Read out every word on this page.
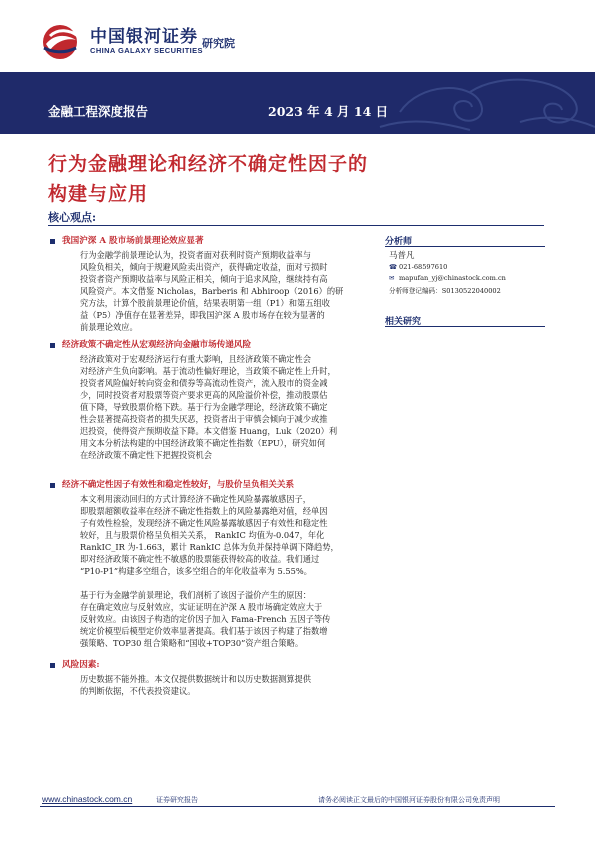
中国银河证券
CHINA GALAXY SECURITIES
研究院
金融工程深度报告	2023 年 4 月 14 日
行为金融理论和经济不确定性因子的
构建与应用
核心观点:
我国沪深 A 股市场前景理论效应显著
行为金融学前景理论认为，投资者面对获利时资产预期收益率与
风险负相关，倾向于规避风险卖出资产，获得确定收益，面对亏损时
投资者资产预期收益率与风险正相关，倾向于追求风险，继续持有高
风险资产。本文借鉴 Nicholas，Barberis 和 Abhiroop（2016）的研
究方法，计算个股前景理论价值，结果表明第一组（P1）和第五组收
益（P5）净值存在显著差异，即我国沪深 A 股市场存在较为显著的
前景理论效应。
经济政策不确定性从宏观经济向金融市场传递风险
经济政策对于宏观经济运行有重大影响，且经济政策不确定性会
对经济产生负向影响。基于流动性偏好理论，当政策不确定性上升时，
投资者风险偏好转向资金和债券等高流动性资产，流入股市的资金减
少，同时投资者对股票等资产要求更高的风险溢价补偿，推动股票估
值下降，导致股票价格下跌。基于行为金融学理论，经济政策不确定
性会显著提高投资者的损失厌恶，投资者出于审慎会倾向于减少或推
迟投资，使得资产预期收益下降。本文借鉴 Huang，Luk（2020）利
用文本分析法构建的中国经济政策不确定性指数（EPU），研究如何
在经济政策不确定性下把握投资机会
经济不确定性因子有效性和稳定性较好，与股价呈负相关关系
本文利用滚动回归的方式计算经济不确定性风险暴露敏感因子，
即股票超额收益率在经济不确定性指数上的风险暴露绝对值，经单因
子有效性检验，发现经济不确定性风险暴露敏感因子有效性和稳定性
较好，且与股票价格呈负相关关系， RankIC 均值为-0.047，年化
RankIC_IR 为-1.663，累计 RankIC 总体为负并保持单调下降趋势，
即对经济政策不确定性不敏感的股票能获得较高的收益。我们通过
“P10-P1”构建多空组合，该多空组合的年化收益率为 5.55%。
基于行为金融学前景理论，我们剖析了该因子溢价产生的原因：
存在确定效应与反射效应，实证证明在沪深 A 股市场确定效应大于
反射效应。由该因子构造的定价因子加入 Fama-French 五因子等传
统定价模型后模型定价效率显著提高。我们基于该因子构建了指数增
强策略、TOP30 组合策略和“国收+TOP30”资产组合策略。
风险因素:
历史数据不能外推。本文仅提供数据统计和以历史数据测算提供
的判断依据，不代表投资建议。
分析师
马普凡
☎ 021-68597610
✉ mapufan_yj@chinastock.com.cn
分析师登记编码：S0130522040002
相关研究
www.chinastock.com.cn	证券研究报告	请务必阅读正文最后的中国银河证券股份有限公司免责声明
